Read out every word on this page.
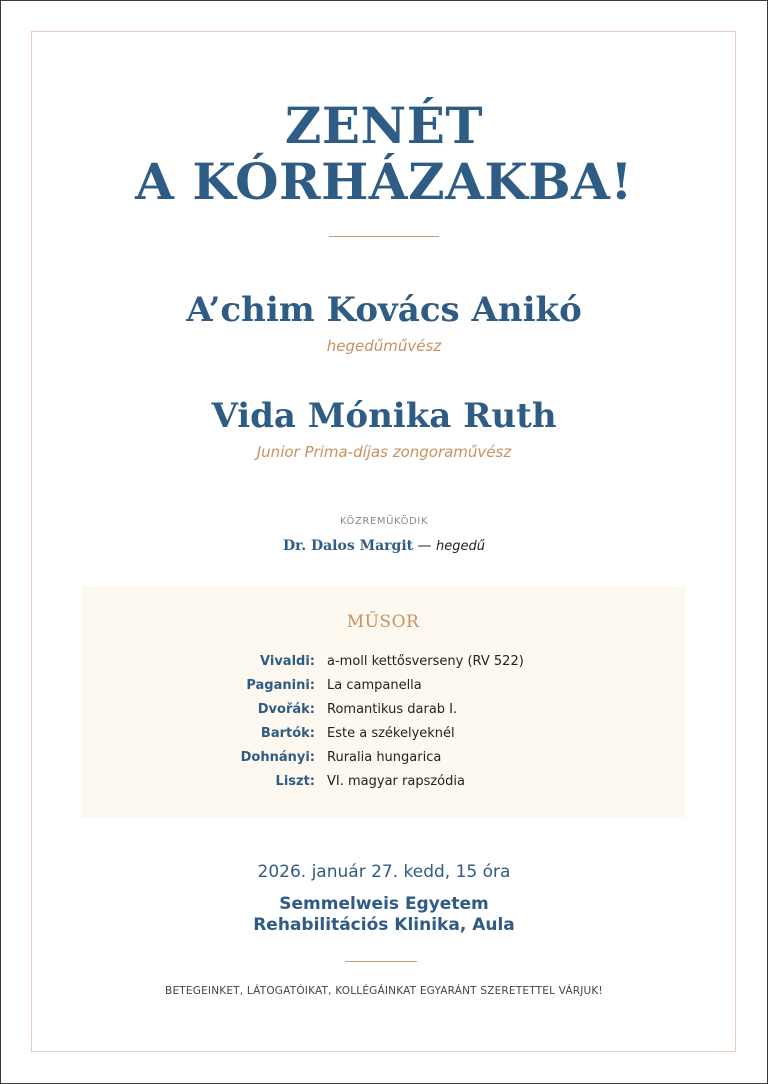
ZENÉT
A KÓRHÁZAKBA!
A’chim Kovács Anikó
hegedűművész
Vida Mónika Ruth
Junior Prima-díjas zongoraművész
KÖZREMŰKÖDIK
Dr. Dalos Margit — hegedű
MŰSOR
Vivaldi: a-moll kettősverseny (RV 522)
Paganini: La campanella
Dvořák: Romantikus darab I.
Bartók: Este a székelyeknél
Dohnányi: Ruralia hungarica
Liszt: VI. magyar rapszódia
2026. január 27. kedd, 15 óra
Semmelweis Egyetem
Rehabilitációs Klinika, Aula
BETEGEINKET, LÁTOGATÓIKAT, KOLLÉGÁINKAT EGYARÁNT SZERETETTEL VÁRJUK!
